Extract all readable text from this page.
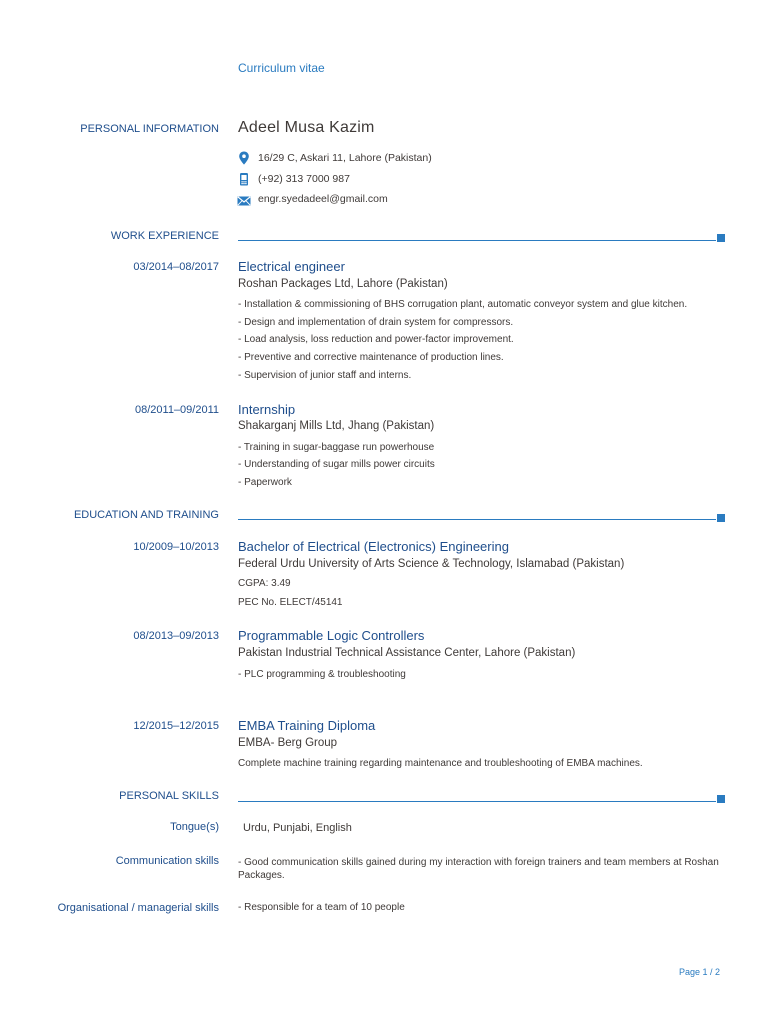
Curriculum vitae
PERSONAL INFORMATION Adeel Musa Kazim
16/29 C, Askari 11, Lahore (Pakistan)
(+92) 313 7000 987
engr.syedadeel@gmail.com
WORK EXPERIENCE
03/2014–08/2017 Electrical engineer
Roshan Packages Ltd, Lahore (Pakistan)
- Installation & commissioning of BHS corrugation plant, automatic conveyor system and glue kitchen.
- Design and implementation of drain system for compressors.
- Load analysis, loss reduction and power-factor improvement.
- Preventive and corrective maintenance of production lines.
- Supervision of junior staff and interns.
08/2011–09/2011 Internship
Shakarganj Mills Ltd, Jhang (Pakistan)
- Training in sugar-baggase run powerhouse
- Understanding of sugar mills power circuits
- Paperwork
EDUCATION AND TRAINING
10/2009–10/2013 Bachelor of Electrical (Electronics) Engineering
Federal Urdu University of Arts Science & Technology, Islamabad (Pakistan)
CGPA: 3.49
PEC No. ELECT/45141
08/2013–09/2013 Programmable Logic Controllers
Pakistan Industrial Technical Assistance Center, Lahore (Pakistan)
- PLC programming & troubleshooting
12/2015–12/2015 EMBA Training Diploma
EMBA- Berg Group
Complete machine training regarding maintenance and troubleshooting of EMBA machines.
PERSONAL SKILLS
Tongue(s) Urdu, Punjabi, English
Communication skills - Good communication skills gained during my interaction with foreign trainers and team members at Roshan Packages.
Organisational / managerial skills - Responsible for a team of 10 people
Page 1 / 2
